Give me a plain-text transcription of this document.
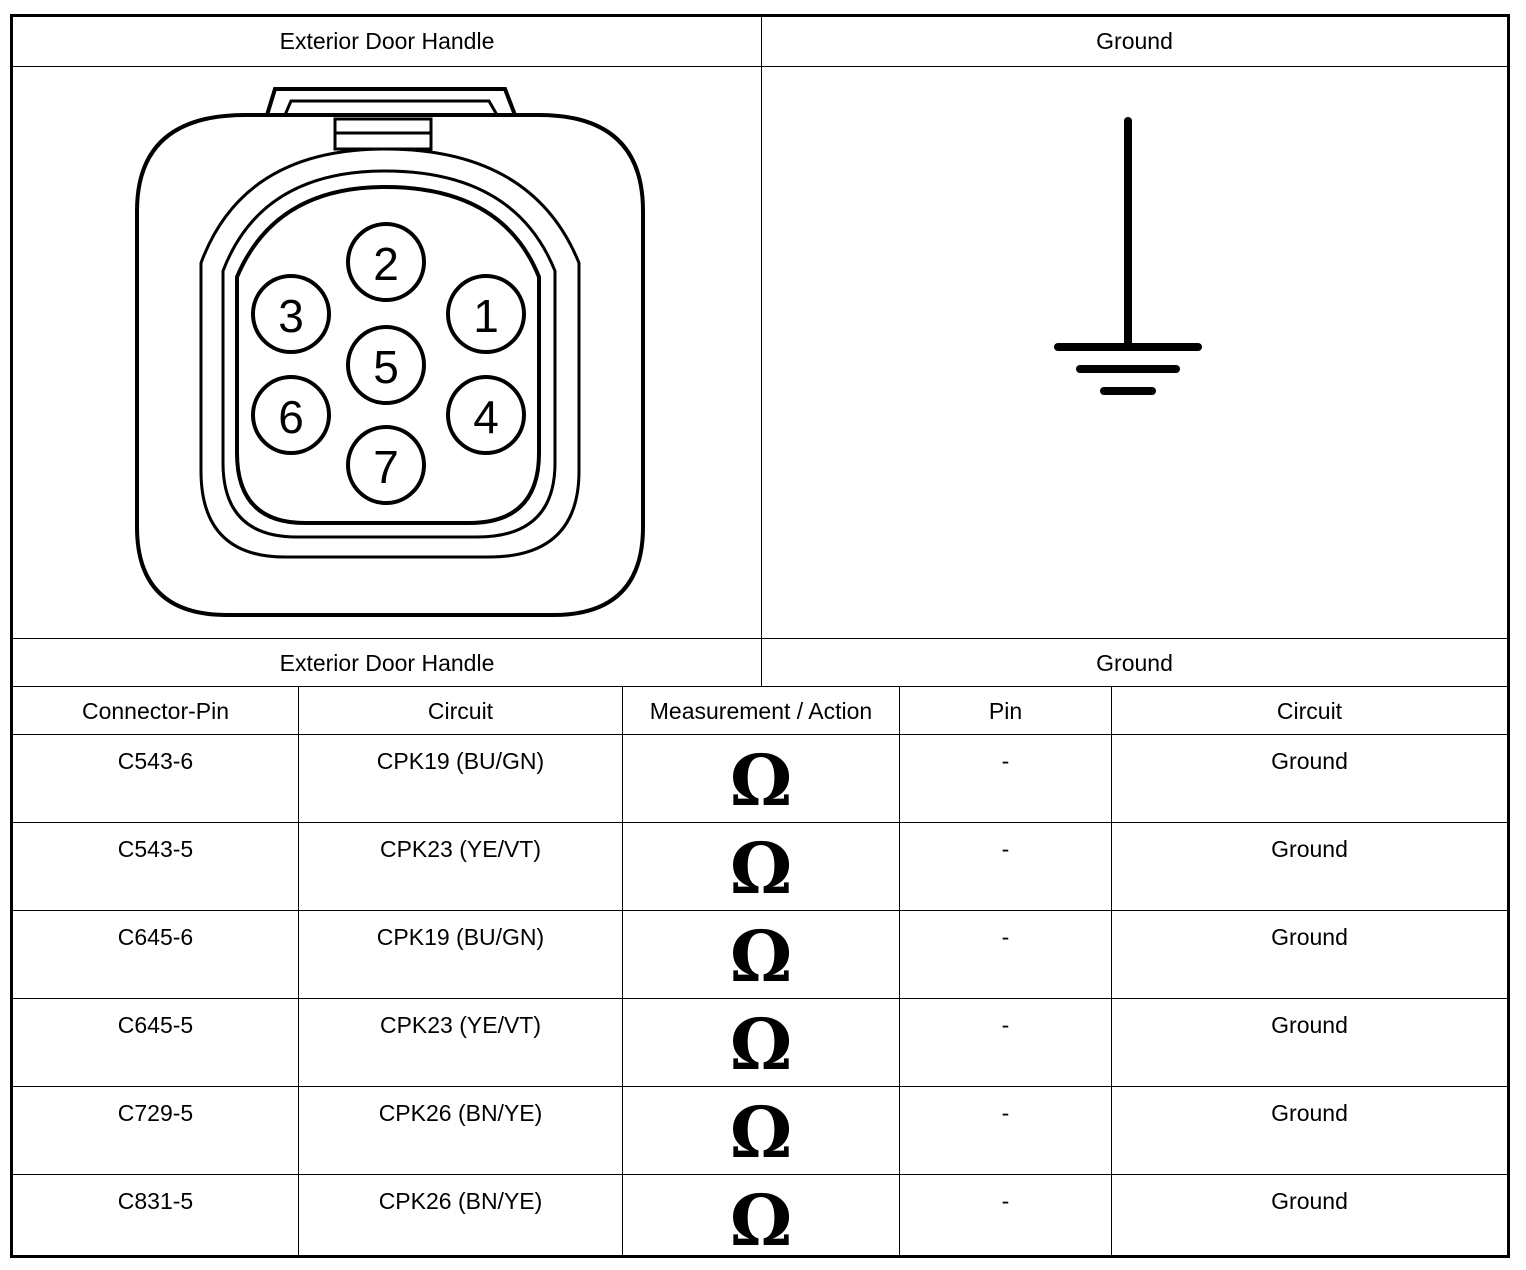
Exterior Door Handle	Ground
2
3	1
5
6	4
7
Exterior Door Handle	Ground
Connector-Pin	Circuit	Measurement / Action	Pin	Circuit
C543-6	CPK19 (BU/GN)	Ω	-	Ground
C543-5	CPK23 (YE/VT)	Ω	-	Ground
C645-6	CPK19 (BU/GN)	Ω	-	Ground
C645-5	CPK23 (YE/VT)	Ω	-	Ground
C729-5	CPK26 (BN/YE)	Ω	-	Ground
C831-5	CPK26 (BN/YE)	Ω	-	Ground
